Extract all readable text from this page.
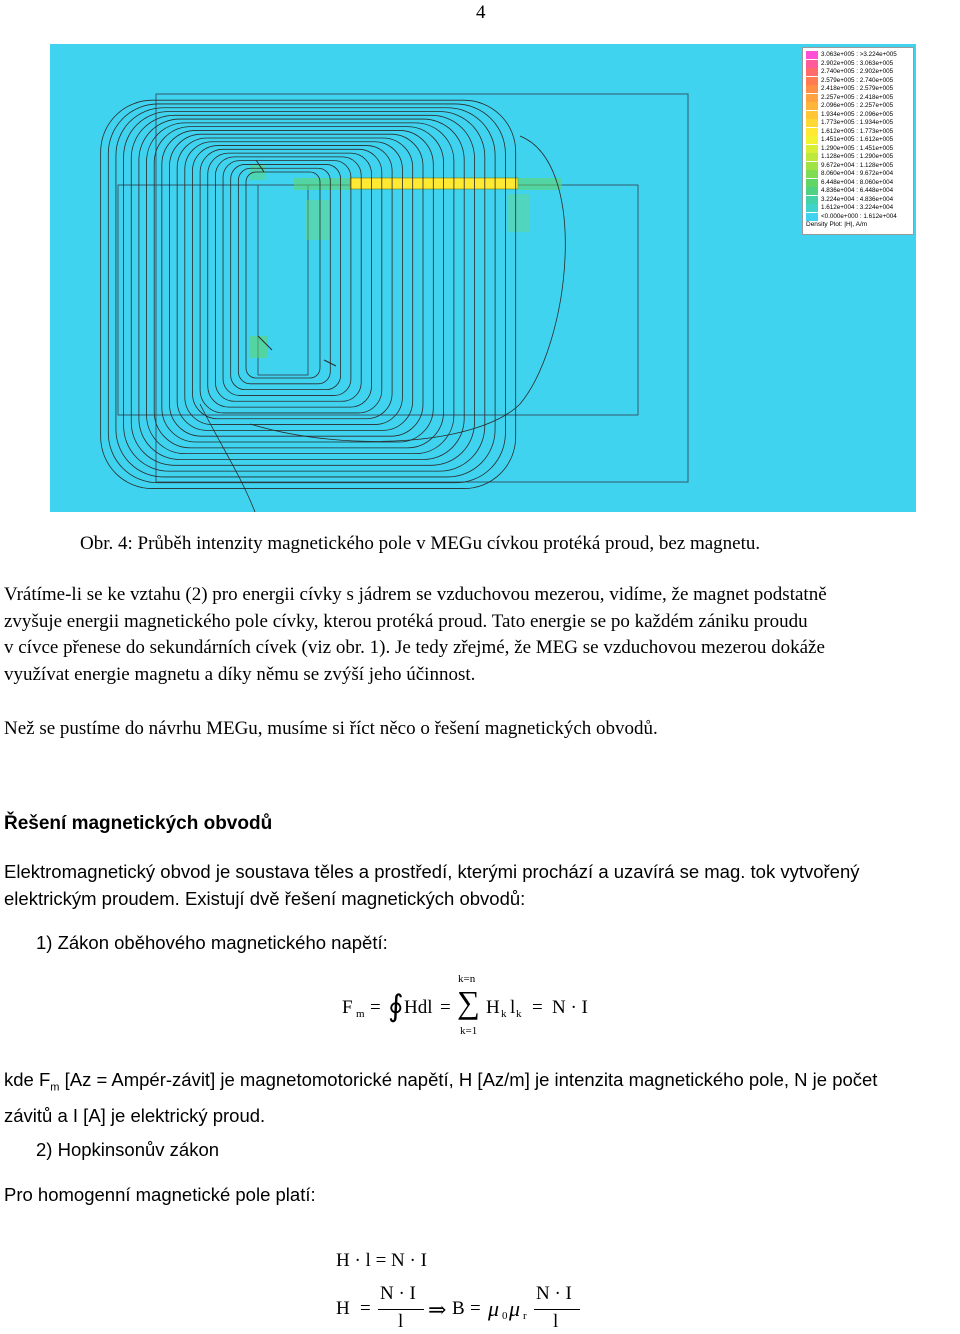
4
3.063e+005 : >3.224e+005
2.902e+005 : 3.063e+005
2.740e+005 : 2.902e+005
2.579e+005 : 2.740e+005
2.418e+005 : 2.579e+005
2.257e+005 : 2.418e+005
2.096e+005 : 2.257e+005
1.934e+005 : 2.096e+005
1.773e+005 : 1.934e+005
1.612e+005 : 1.773e+005
1.451e+005 : 1.612e+005
1.290e+005 : 1.451e+005
1.128e+005 : 1.290e+005
9.672e+004 : 1.128e+005
8.060e+004 : 9.672e+004
6.448e+004 : 8.060e+004
4.836e+004 : 6.448e+004
3.224e+004 : 4.836e+004
1.612e+004 : 3.224e+004
<0.000e+000 : 1.612e+004
Density Plot: |H|, A/m
Obr. 4: Průběh intenzity magnetického pole v MEGu cívkou protéká proud, bez magnetu.
Vrátíme-li se ke vztahu (2) pro energii cívky s jádrem se vzduchovou mezerou, vidíme, že magnet podstatně
zvyšuje energii magnetického pole cívky, kterou protéká proud. Tato energie se po každém zániku proudu
v cívce přenese do sekundárních cívek (viz obr. 1). Je tedy zřejmé, že MEG se vzduchovou mezerou dokáže
využívat energie magnetu a díky němu se zvýší jeho účinnost.
Než se pustíme do návrhu MEGu, musíme si říct něco o řešení magnetických obvodů.
Řešení magnetických obvodů
Elektromagnetický obvod je soustava těles a prostředí, kterými prochází a uzavírá se mag. tok vytvořený
elektrickým proudem. Existují dvě řešení magnetických obvodů:
1) Zákon oběhového magnetického napětí:
F m = ∮ Hdl =
k=n
∑
k=1
H k l k = N · I
kde $F_m$ [Az = Ampér-závit] je magnetomotorické napětí, H [Az/m] je intenzita magnetického pole, N je počet
závitů a I [A] je elektrický proud.
2) Hopkinsonův zákon
Pro homogenní magnetické pole platí:
H · l = N · I
H =
N · I
l ⇒ B = μ 0 μ r
N · I
l
